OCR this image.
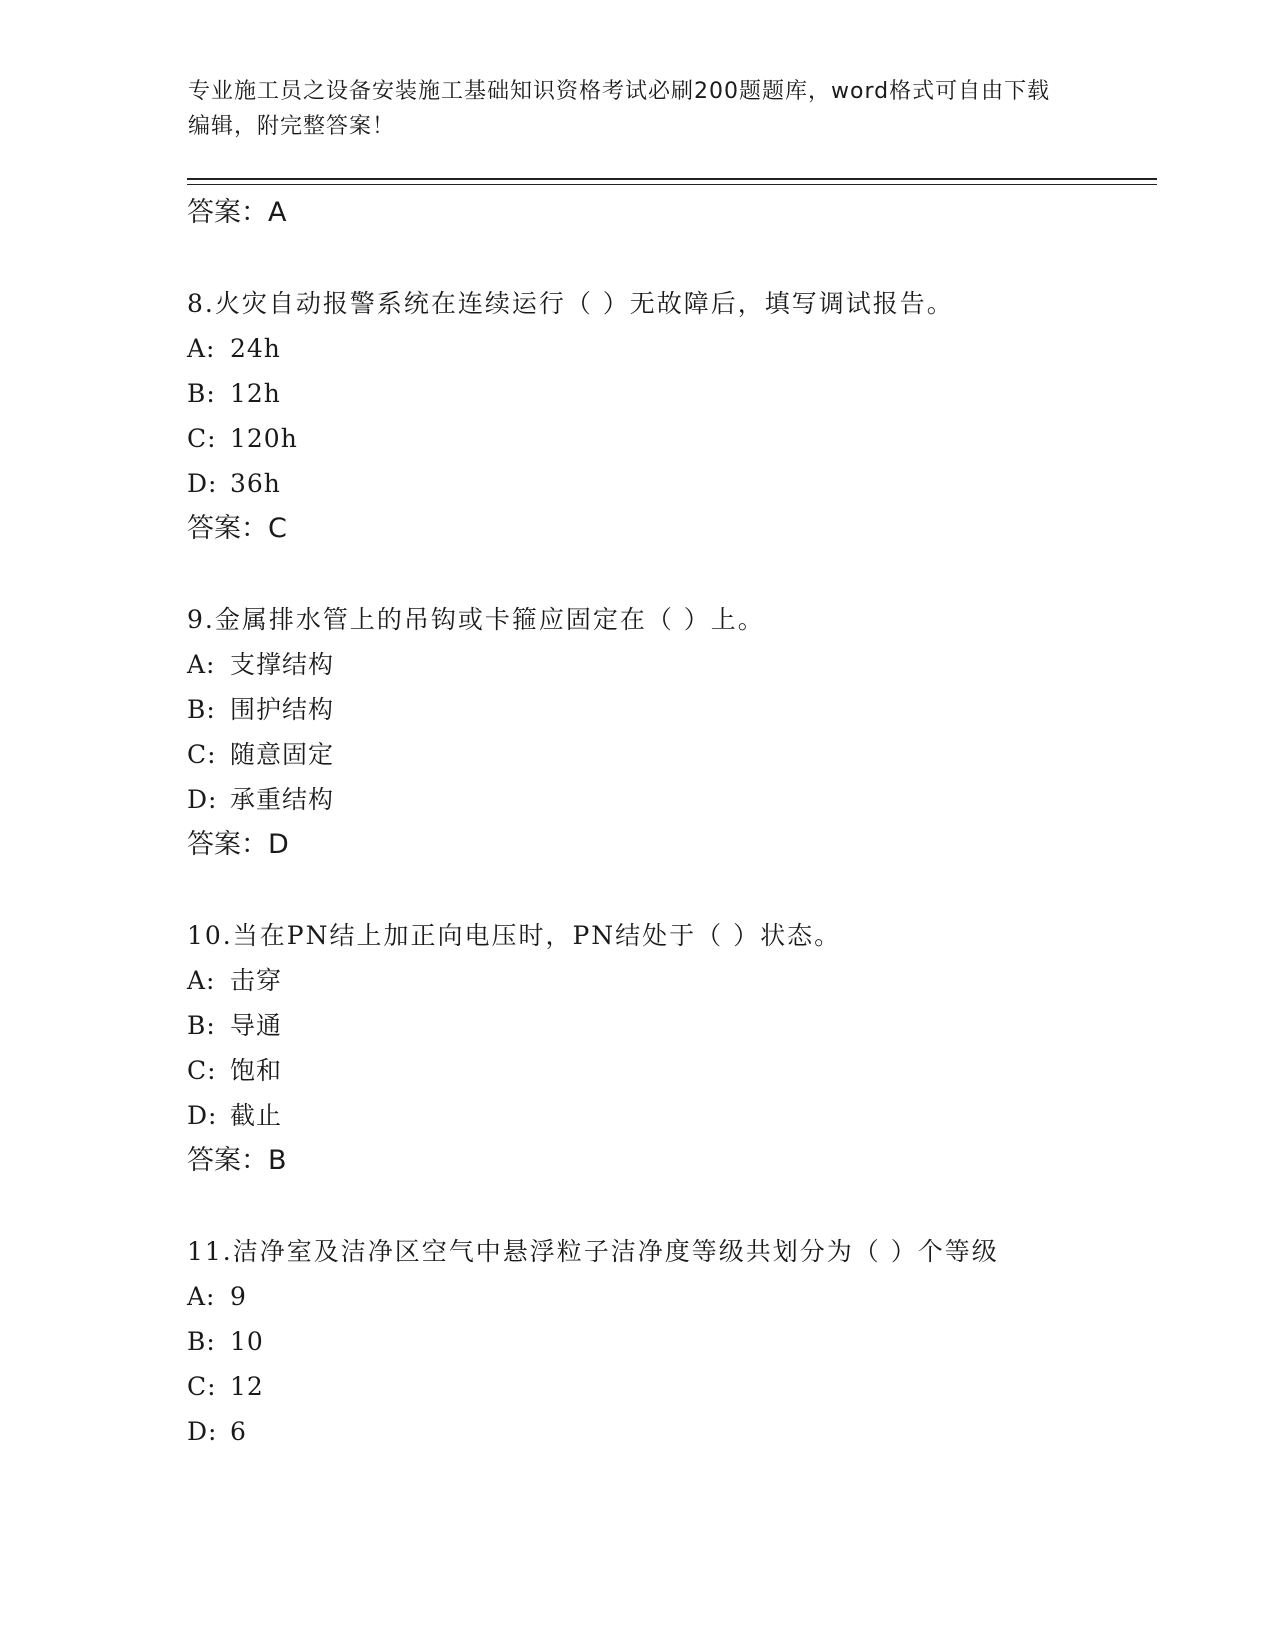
专业施工员之设备安装施工基础知识资格考试必刷200题题库，word格式可自由下载编辑，附完整答案！
答案：A
8.火灾自动报警系统在连续运行（ ）无故障后，填写调试报告。
A: 24h
B: 12h
C: 120h
D: 36h
答案：C
9.金属排水管上的吊钩或卡箍应固定在（ ）上。
A: 支撑结构
B: 围护结构
C: 随意固定
D: 承重结构
答案：D
10.当在PN结上加正向电压时，PN结处于（ ）状态。
A: 击穿
B: 导通
C: 饱和
D: 截止
答案：B
11.洁净室及洁净区空气中悬浮粒子洁净度等级共划分为（ ）个等级
A: 9
B: 10
C: 12
D: 6
